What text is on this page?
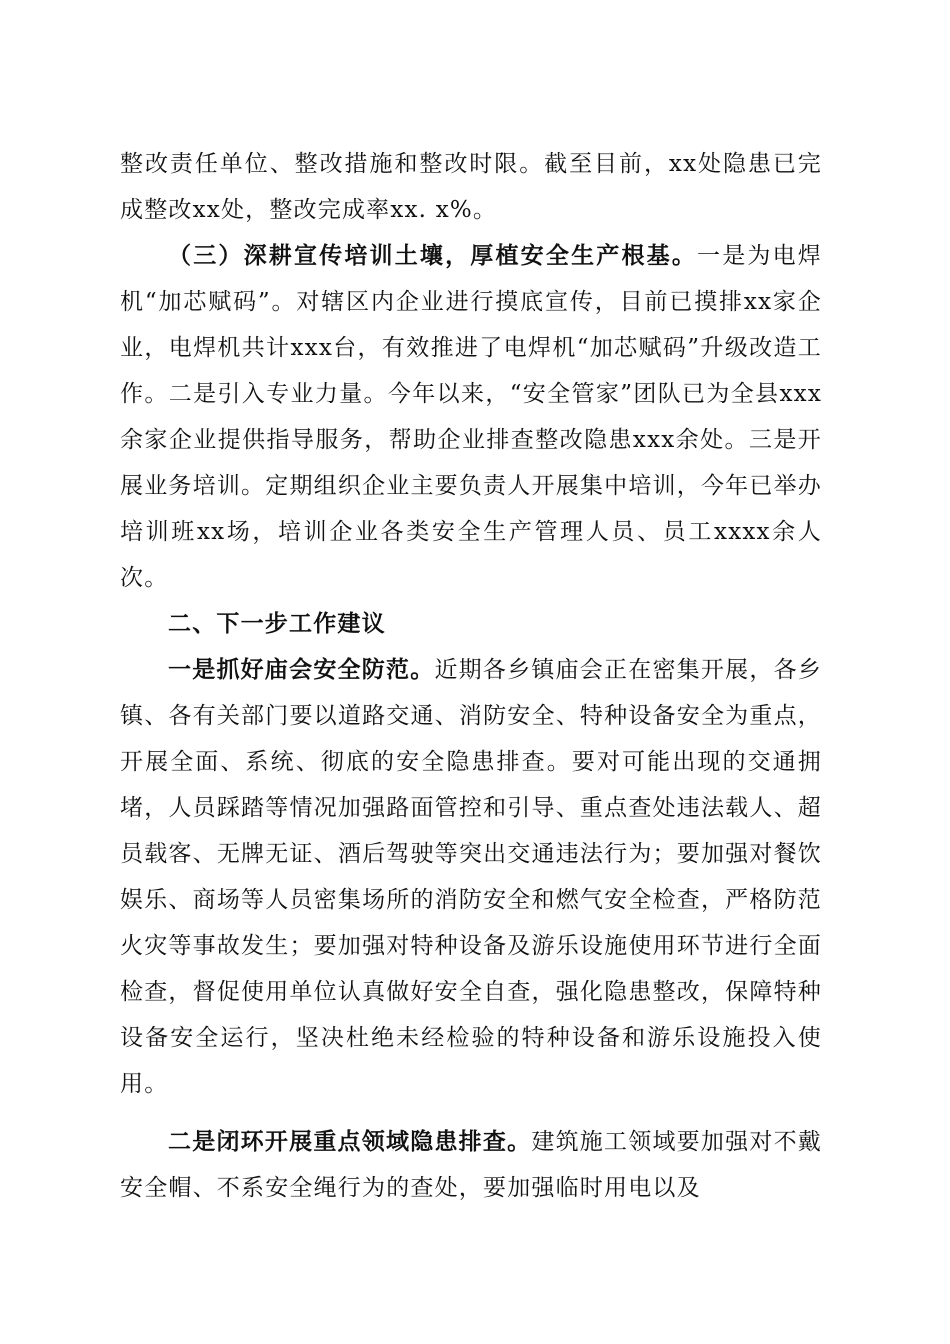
整改责任单位、整改措施和整改时限。截至目前，xx处隐患已完成整改xx处，整改完成率xx. x%。

（三）深耕宣传培训土壤，厚植安全生产根基。一是为电焊机“加芯赋码”。对辖区内企业进行摸底宣传，目前已摸排xx家企业，电焊机共计xxx台，有效推进了电焊机“加芯赋码”升级改造工作。二是引入专业力量。今年以来，“安全管家”团队已为全县xxx余家企业提供指导服务，帮助企业排查整改隐患xxx余处。三是开展业务培训。定期组织企业主要负责人开展集中培训，今年已举办培训班xx场，培训企业各类安全生产管理人员、员工xxxx余人次。

二、下一步工作建议

一是抓好庙会安全防范。近期各乡镇庙会正在密集开展，各乡镇、各有关部门要以道路交通、消防安全、特种设备安全为重点，开展全面、系统、彻底的安全隐患排查。要对可能出现的交通拥堵，人员踩踏等情况加强路面管控和引导、重点查处违法载人、超员载客、无牌无证、酒后驾驶等突出交通违法行为；要加强对餐饮娱乐、商场等人员密集场所的消防安全和燃气安全检查，严格防范火灾等事故发生；要加强对特种设备及游乐设施使用环节进行全面检查，督促使用单位认真做好安全自查，强化隐患整改，保障特种设备安全运行，坚决杜绝未经检验的特种设备和游乐设施投入使用。

二是闭环开展重点领域隐患排查。建筑施工领域要加强对不戴安全帽、不系安全绳行为的查处，要加强临时用电以及
